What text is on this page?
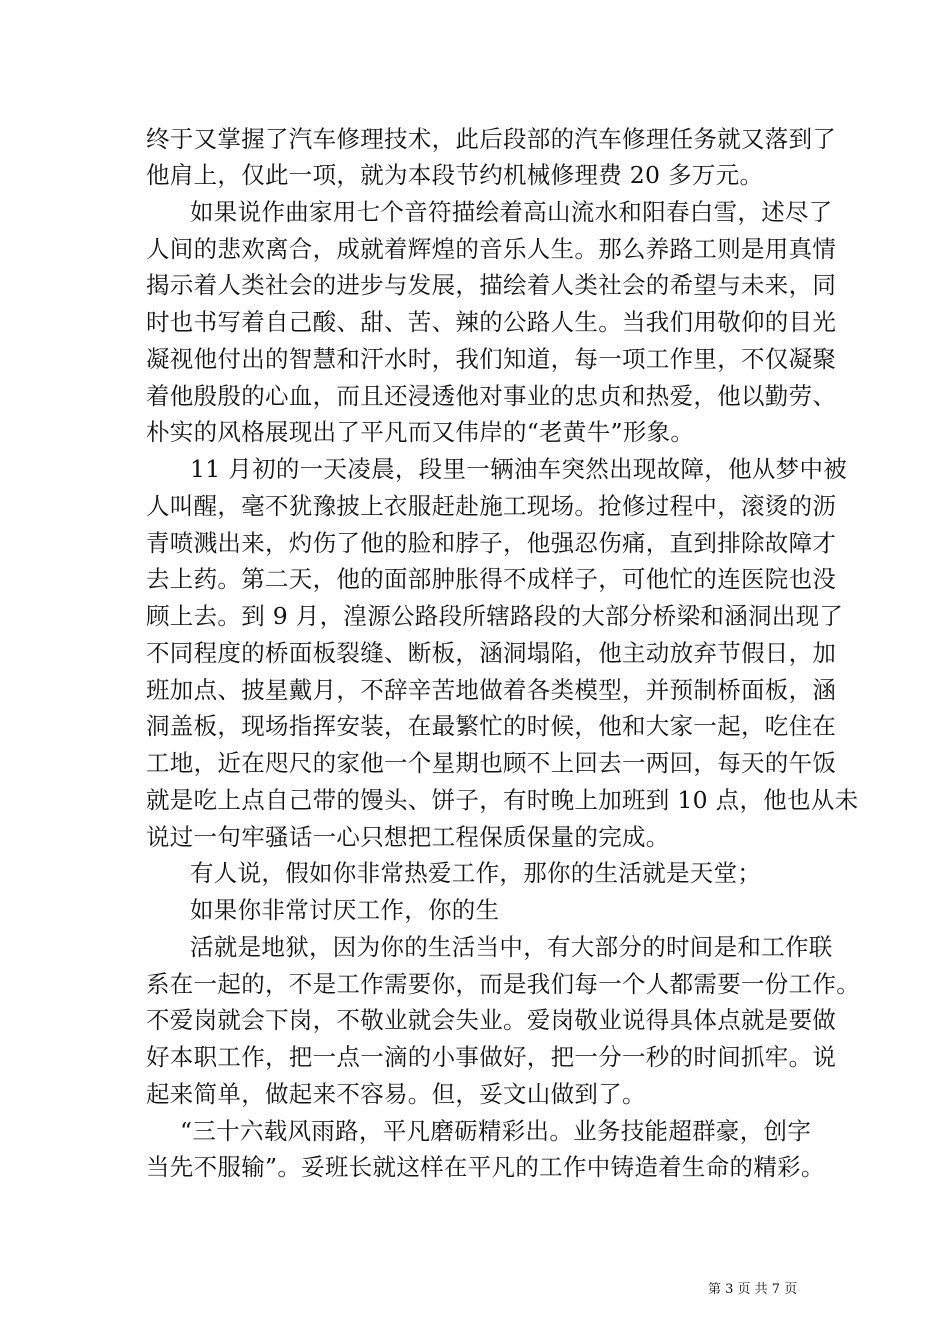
终于又掌握了汽车修理技术，此后段部的汽车修理任务就又落到了
他肩上，仅此一项，就为本段节约机械修理费 20 多万元。
如果说作曲家用七个音符描绘着高山流水和阳春白雪，述尽了
人间的悲欢离合，成就着辉煌的音乐人生。那么养路工则是用真情
揭示着人类社会的进步与发展，描绘着人类社会的希望与未来，同
时也书写着自己酸、甜、苦、辣的公路人生。当我们用敬仰的目光
凝视他付出的智慧和汗水时，我们知道，每一项工作里，不仅凝聚
着他殷殷的心血，而且还浸透他对事业的忠贞和热爱，他以勤劳、
朴实的风格展现出了平凡而又伟岸的“老黄牛”形象。
11 月初的一天凌晨，段里一辆油车突然出现故障，他从梦中被
人叫醒，毫不犹豫披上衣服赶赴施工现场。抢修过程中，滚烫的沥
青喷溅出来，灼伤了他的脸和脖子，他强忍伤痛，直到排除故障才
去上药。第二天，他的面部肿胀得不成样子，可他忙的连医院也没
顾上去。到 9 月，湟源公路段所辖路段的大部分桥梁和涵洞出现了
不同程度的桥面板裂缝、断板，涵洞塌陷，他主动放弃节假日，加
班加点、披星戴月，不辞辛苦地做着各类模型，并预制桥面板，涵
洞盖板，现场指挥安装，在最繁忙的时候，他和大家一起，吃住在
工地，近在咫尺的家他一个星期也顾不上回去一两回，每天的午饭
就是吃上点自己带的馒头、饼子，有时晚上加班到 10 点，他也从未
说过一句牢骚话一心只想把工程保质保量的完成。
有人说，假如你非常热爱工作，那你的生活就是天堂；
如果你非常讨厌工作，你的生
活就是地狱，因为你的生活当中，有大部分的时间是和工作联
系在一起的，不是工作需要你，而是我们每一个人都需要一份工作。
不爱岗就会下岗，不敬业就会失业。爱岗敬业说得具体点就是要做
好本职工作，把一点一滴的小事做好，把一分一秒的时间抓牢。说
起来简单，做起来不容易。但，妥文山做到了。
“三十六载风雨路，平凡磨砺精彩出。业务技能超群豪，创字
当先不服输”。妥班长就这样在平凡的工作中铸造着生命的精彩。
第 3 页 共 7 页
